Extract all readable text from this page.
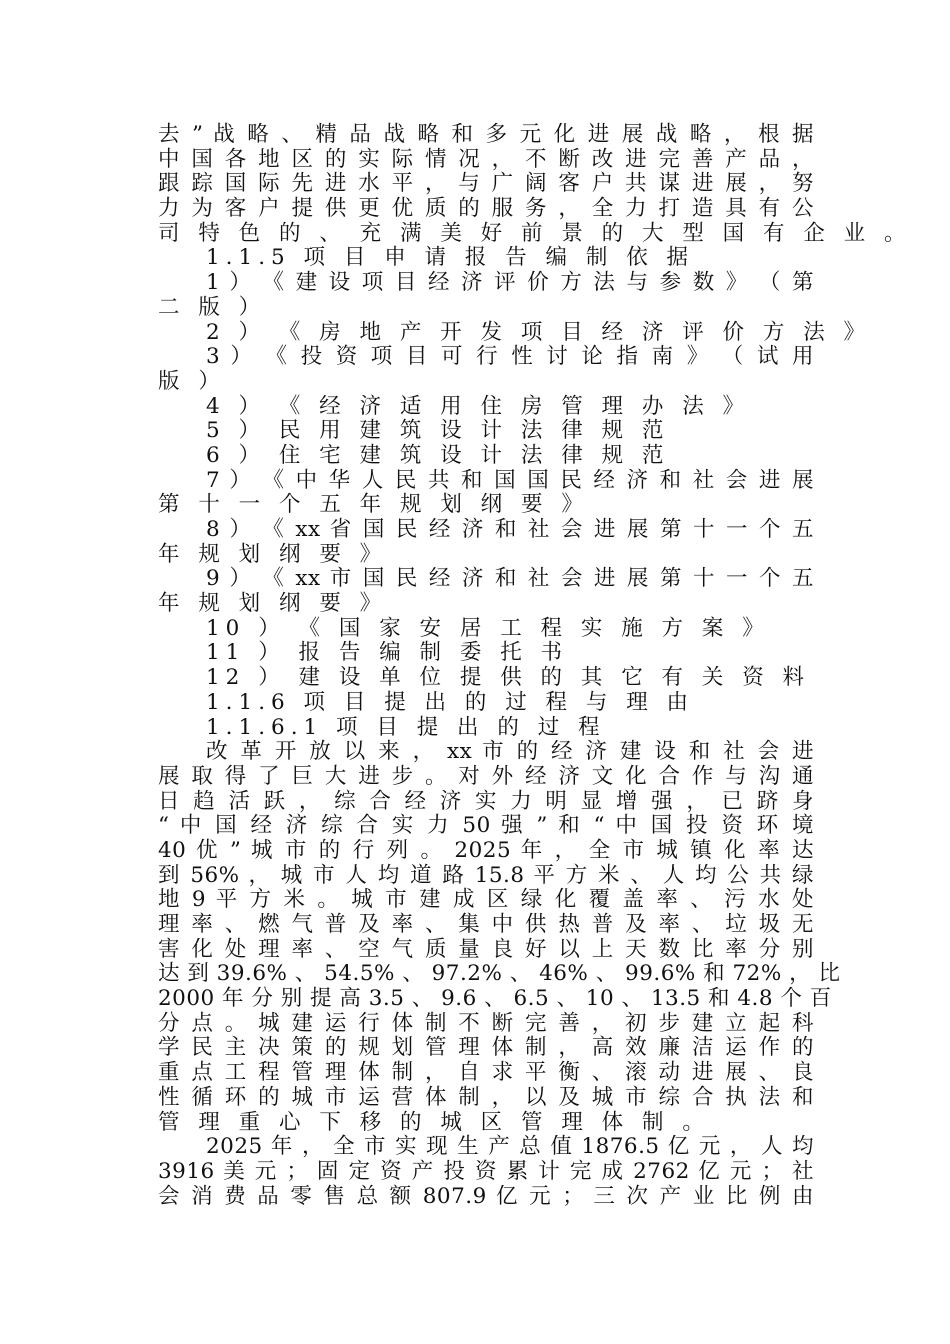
去 ” 战 略 、 精 品 战 略 和 多 元 化 进 展 战 略 ， 根 据
中 国 各 地 区 的 实 际 情 况 ， 不 断 改 进 完 善 产 品 ，
跟 踪 国 际 先 进 水 平 ， 与 广 阔 客 户 共 谋 进 展 ， 努
力 为 客 户 提 供 更 优 质 的 服 务 ， 全 力 打 造 具 有 公
司 特 色 的 、 充 满 美 好 前 景 的 大 型 国 有 企 业 。
1.1.5 项 目 申 请 报 告 编 制 依 据
1 ） 《 建 设 项 目 经 济 评 价 方 法 与 参 数 》 （ 第
二 版 ）
2 ） 《 房 地 产 开 发 项 目 经 济 评 价 方 法 》
3 ） 《 投 资 项 目 可 行 性 讨 论 指 南 》 （ 试 用
版 ）
4 ） 《 经 济 适 用 住 房 管 理 办 法 》
5 ） 民 用 建 筑 设 计 法 律 规 范
6 ） 住 宅 建 筑 设 计 法 律 规 范
7 ） 《 中 华 人 民 共 和 国 国 民 经 济 和 社 会 进 展
第 十 一 个 五 年 规 划 纲 要 》
8 ） 《 xx 省 国 民 经 济 和 社 会 进 展 第 十 一 个 五
年 规 划 纲 要 》
9 ） 《 xx 市 国 民 经 济 和 社 会 进 展 第 十 一 个 五
年 规 划 纲 要 》
10 ） 《 国 家 安 居 工 程 实 施 方 案 》
11 ） 报 告 编 制 委 托 书
12 ） 建 设 单 位 提 供 的 其 它 有 关 资 料
1.1.6 项 目 提 出 的 过 程 与 理 由
1.1.6.1 项 目 提 出 的 过 程
改 革 开 放 以 来 ， xx 市 的 经 济 建 设 和 社 会 进
展 取 得 了 巨 大 进 步 。 对 外 经 济 文 化 合 作 与 沟 通
日 趋 活 跃 ， 综 合 经 济 实 力 明 显 增 强 ， 已 跻 身
“ 中 国 经 济 综 合 实 力 50 强 ” 和 “ 中 国 投 资 环 境
40 优 ” 城 市 的 行 列 。 2025 年 ， 全 市 城 镇 化 率 达
到 56% ， 城 市 人 均 道 路 15.8 平 方 米 、 人 均 公 共 绿
地 9 平 方 米 。 城 市 建 成 区 绿 化 覆 盖 率 、 污 水 处
理 率 、 燃 气 普 及 率 、 集 中 供 热 普 及 率 、 垃 圾 无
害 化 处 理 率 、 空 气 质 量 良 好 以 上 天 数 比 率 分 别
达 到 39.6% 、 54.5% 、 97.2% 、 46% 、 99.6% 和 72% ， 比
2000 年 分 别 提 高 3.5 、 9.6 、 6.5 、 10 、 13.5 和 4.8 个 百
分 点 。 城 建 运 行 体 制 不 断 完 善 ， 初 步 建 立 起 科
学 民 主 决 策 的 规 划 管 理 体 制 ， 高 效 廉 洁 运 作 的
重 点 工 程 管 理 体 制 ， 自 求 平 衡 、 滚 动 进 展 、 良
性 循 环 的 城 市 运 营 体 制 ， 以 及 城 市 综 合 执 法 和
管 理 重 心 下 移 的 城 区 管 理 体 制 。
2025 年 ， 全 市 实 现 生 产 总 值 1876.5 亿 元 ， 人 均
3916 美 元 ； 固 定 资 产 投 资 累 计 完 成 2762 亿 元 ； 社
会 消 费 品 零 售 总 额 807.9 亿 元 ； 三 次 产 业 比 例 由
